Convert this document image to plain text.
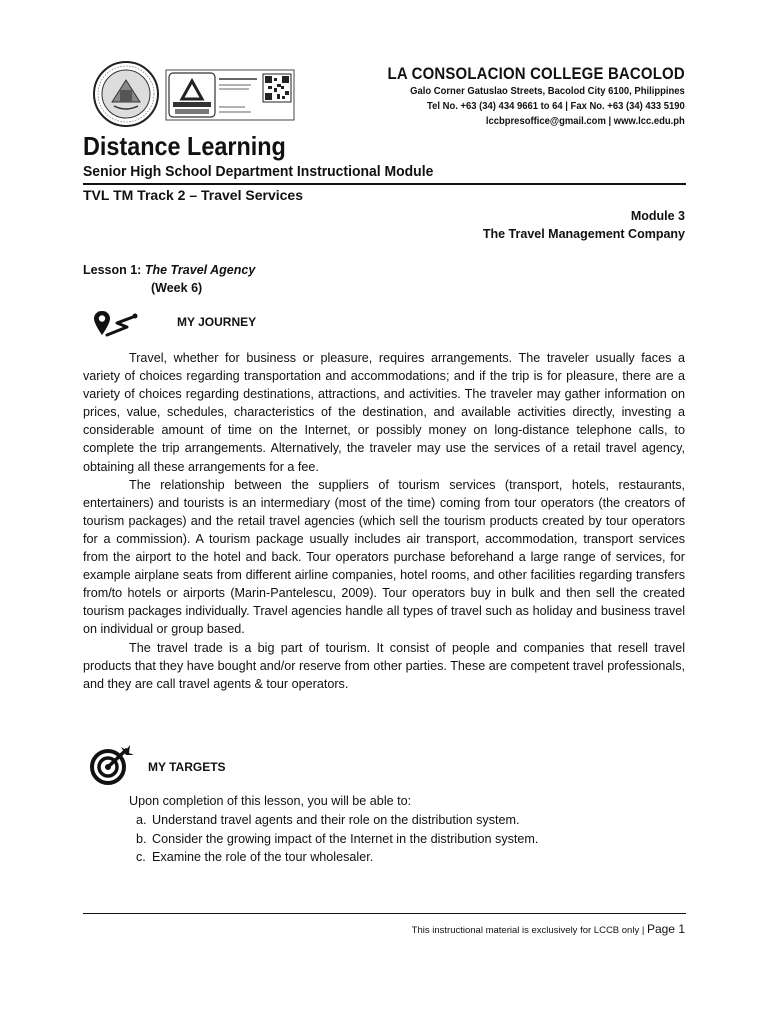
LA CONSOLACION COLLEGE BACOLOD
Galo Corner Gatuslao Streets, Bacolod City 6100, Philippines
Tel No. +63 (34) 434 9661 to 64 | Fax No. +63 (34) 433 5190
lccbpresoffice@gmail.com | www.lcc.edu.ph
Distance Learning
Senior High School Department Instructional Module
TVL TM Track 2 – Travel Services
Module 3
The Travel Management Company
Lesson 1: The Travel Agency
(Week 6)
MY JOURNEY

Travel, whether for business or pleasure, requires arrangements. The traveler usually faces a variety of choices regarding transportation and accommodations; and if the trip is for pleasure, there are a variety of choices regarding destinations, attractions, and activities. The traveler may gather information on prices, value, schedules, characteristics of the destination, and available activities directly, investing a considerable amount of time on the Internet, or possibly money on long-distance telephone calls, to complete the trip arrangements. Alternatively, the traveler may use the services of a retail travel agency, obtaining all these arrangements for a fee.

The relationship between the suppliers of tourism services (transport, hotels, restaurants, entertainers) and tourists is an intermediary (most of the time) coming from tour operators (the creators of tourism packages) and the retail travel agencies (which sell the tourism products created by tour operators for a commission). A tourism package usually includes air transport, accommodation, transport services from the airport to the hotel and back. Tour operators purchase beforehand a large range of services, for example airplane seats from different airline companies, hotel rooms, and other facilities regarding transfers from/to hotels or airports (Marin-Pantelescu, 2009). Tour operators buy in bulk and then sell the created tourism packages individually. Travel agencies handle all types of travel such as holiday and business travel on individual or group based.

The travel trade is a big part of tourism. It consist of people and companies that resell travel products that they have bought and/or reserve from other parties. These are competent travel professionals, and they are call travel agents & tour operators.

MY TARGETS
Upon completion of this lesson, you will be able to:
a. Understand travel agents and their role on the distribution system.
b. Consider the growing impact of the Internet in the distribution system.
c. Examine the role of the tour wholesaler.
This instructional material is exclusively for LCCB only | Page 1
